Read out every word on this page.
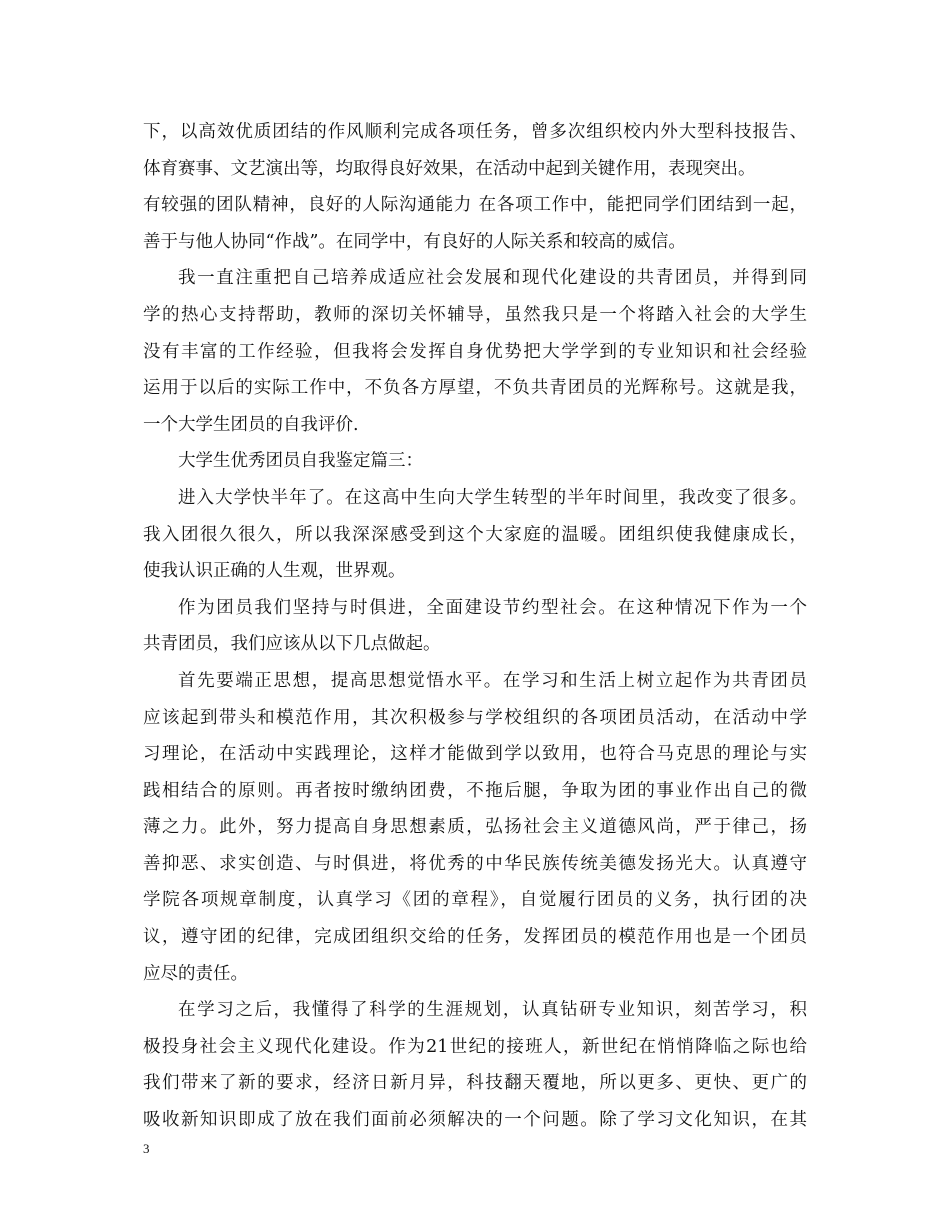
下，以高效优质团结的作风顺利完成各项任务，曾多次组织校内外大型科技报告、
体育赛事、文艺演出等，均取得良好效果，在活动中起到关键作用，表现突出。
有较强的团队精神，良好的人际沟通能力 在各项工作中，能把同学们团结到一起，
善于与他人协同“作战”。在同学中，有良好的人际关系和较高的威信。
我一直注重把自己培养成适应社会发展和现代化建设的共青团员，并得到同
学的热心支持帮助，教师的深切关怀辅导，虽然我只是一个将踏入社会的大学生
没有丰富的工作经验，但我将会发挥自身优势把大学学到的专业知识和社会经验
运用于以后的实际工作中，不负各方厚望，不负共青团员的光辉称号。这就是我，
一个大学生团员的自我评价.
大学生优秀团员自我鉴定篇三：
进入大学快半年了。在这高中生向大学生转型的半年时间里，我改变了很多。
我入团很久很久，所以我深深感受到这个大家庭的温暖。团组织使我健康成长，
使我认识正确的人生观，世界观。
作为团员我们坚持与时俱进，全面建设节约型社会。在这种情况下作为一个
共青团员，我们应该从以下几点做起。
首先要端正思想，提高思想觉悟水平。在学习和生活上树立起作为共青团员
应该起到带头和模范作用，其次积极参与学校组织的各项团员活动，在活动中学
习理论，在活动中实践理论，这样才能做到学以致用，也符合马克思的理论与实
践相结合的原则。再者按时缴纳团费，不拖后腿，争取为团的事业作出自己的微
薄之力。此外，努力提高自身思想素质，弘扬社会主义道德风尚，严于律己，扬
善抑恶、求实创造、与时俱进，将优秀的中华民族传统美德发扬光大。认真遵守
学院各项规章制度，认真学习《团的章程》，自觉履行团员的义务，执行团的决
议，遵守团的纪律，完成团组织交给的任务，发挥团员的模范作用也是一个团员
应尽的责任。
在学习之后，我懂得了科学的生涯规划，认真钻研专业知识，刻苦学习，积
极投身社会主义现代化建设。作为21世纪的接班人，新世纪在悄悄降临之际也给
我们带来了新的要求，经济日新月异，科技翻天覆地，所以更多、更快、更广的
吸收新知识即成了放在我们面前必须解决的一个问题。除了学习文化知识，在其
3
